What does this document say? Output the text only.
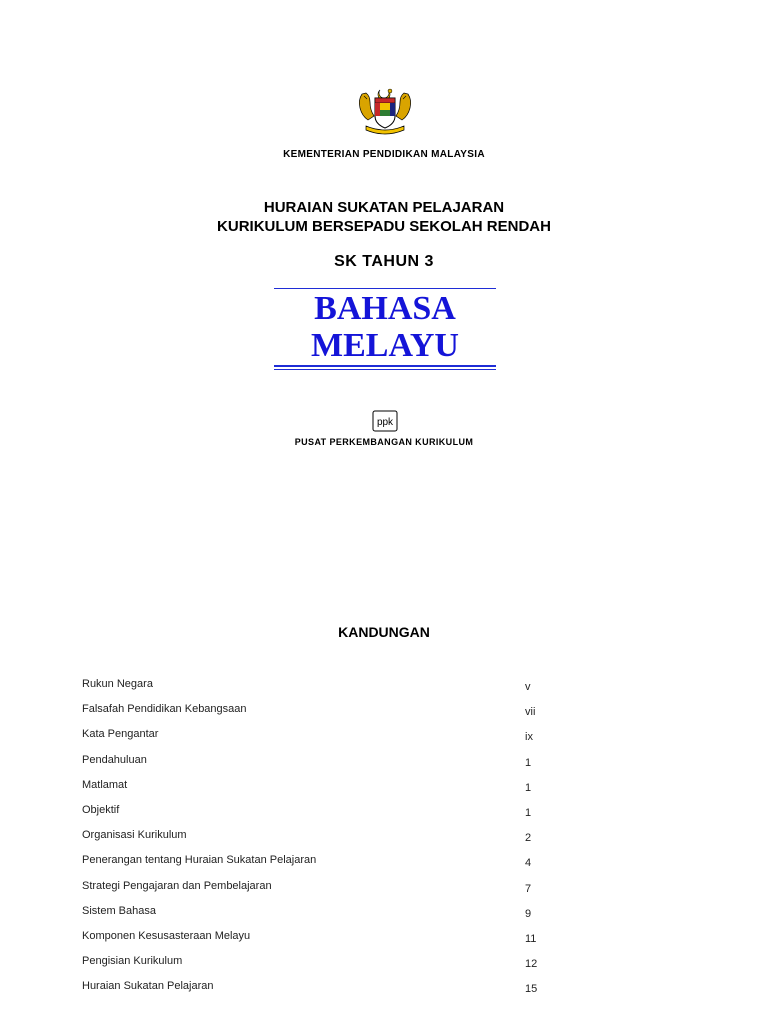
KEMENTERIAN PENDIDIKAN MALAYSIA
HURAIAN SUKATAN PELAJARAN
KURIKULUM BERSEPADU SEKOLAH RENDAH
SK TAHUN 3
BAHASA
MELAYU
ppk
PUSAT PERKEMBANGAN KURIKULUM
KANDUNGAN
Rukun Negara	v
Falsafah Pendidikan Kebangsaan	vii
Kata Pengantar	ix
Pendahuluan	1
Matlamat	1
Objektif	1
Organisasi Kurikulum	2
Penerangan tentang Huraian Sukatan Pelajaran	4
Strategi Pengajaran dan Pembelajaran	7
Sistem Bahasa	9
Komponen Kesusasteraan Melayu	11
Pengisian Kurikulum	12
Huraian Sukatan Pelajaran	15
